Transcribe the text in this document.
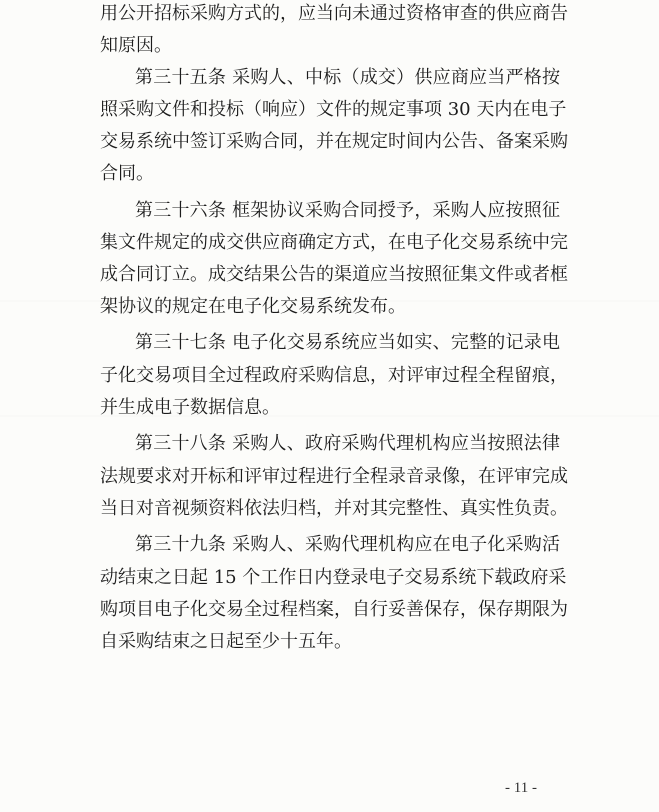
用公开招标采购方式的，应当向未通过资格审查的供应商告
知原因。
第三十五条 采购人、中标（成交）供应商应当严格按
照采购文件和投标（响应）文件的规定事项 30 天内在电子
交易系统中签订采购合同，并在规定时间内公告、备案采购
合同。
第三十六条 框架协议采购合同授予，采购人应按照征
集文件规定的成交供应商确定方式，在电子化交易系统中完
成合同订立。成交结果公告的渠道应当按照征集文件或者框
架协议的规定在电子化交易系统发布。
第三十七条 电子化交易系统应当如实、完整的记录电
子化交易项目全过程政府采购信息，对评审过程全程留痕，
并生成电子数据信息。
第三十八条 采购人、政府采购代理机构应当按照法律
法规要求对开标和评审过程进行全程录音录像，在评审完成
当日对音视频资料依法归档，并对其完整性、真实性负责。
第三十九条 采购人、采购代理机构应在电子化采购活
动结束之日起 15 个工作日内登录电子交易系统下载政府采
购项目电子化交易全过程档案，自行妥善保存，保存期限为
自采购结束之日起至少十五年。
- 11 -
